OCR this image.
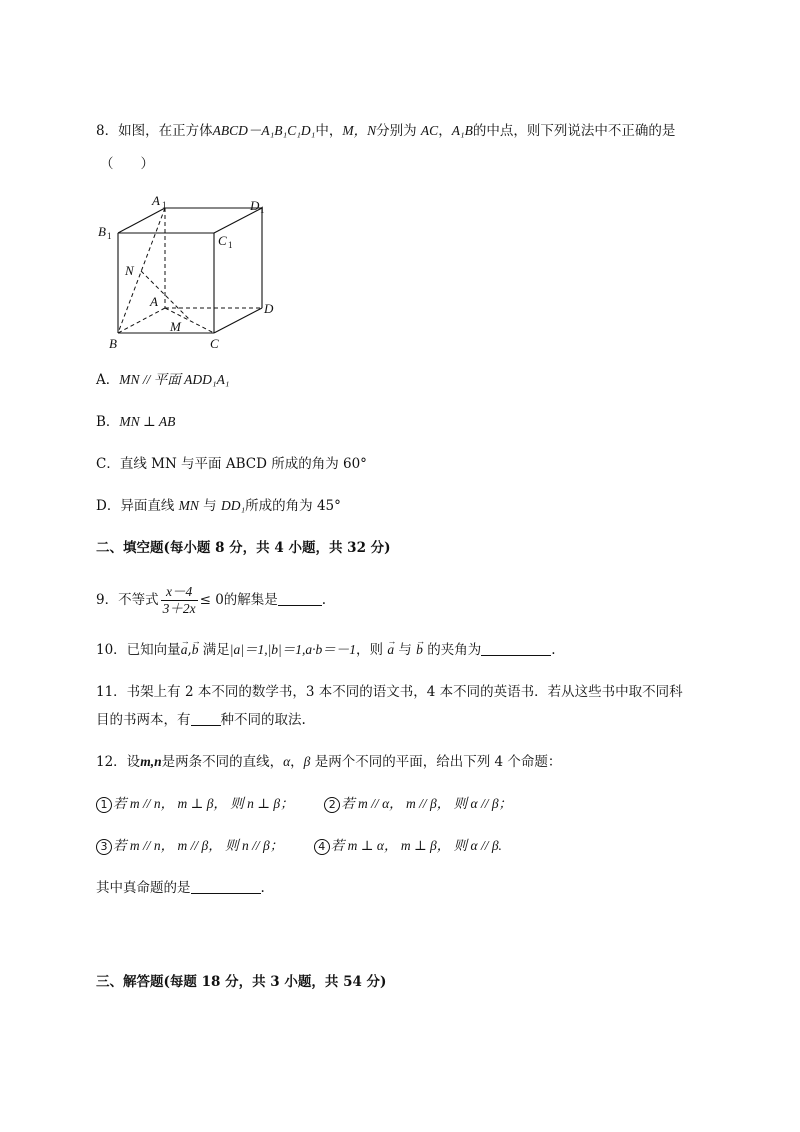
8．如图，在正方体ABCD－A₁B₁C₁D₁中，M，N分别为 AC，A₁B的中点，则下列说法中不正确的是
（　　）
A 1	D 1
B 1	C 1
N
A
M
B	C
D
A．MN // 平面 ADD₁A₁
B．MN ⊥ AB
C．直线 MN 与平面 ABCD 所成的角为 60°
D．异面直线 MN 与 DD₁所成的角为 45°
二、填空题(每小题 8 分，共 4 小题，共 32 分)
9．不等式 $\frac{x-4}{3+2x} \le 0$的解集是	.
10．已知向量→ a,→ b 满足|a|＝1,|b|＝1,a·b＝－1，则 → a 与 → b 的夹角为	.
11．书架上有 2 本不同的数学书，3 本不同的语文书，4 本不同的英语书．若从这些书中取不同科
目的书两本，有 种不同的取法.
12．设m,n是两条不同的直线，α，β 是两个不同的平面，给出下列 4 个命题：
1 若 m // n， m ⊥ β， 则 n ⊥ β；	2 若 m // α， m // β， 则 α // β；
3 若 m // n， m // β， 则 n // β；	4 若 m ⊥ α， m ⊥ β， 则 α // β.
其中真命题的是	.
三、解答题(每题 18 分，共 3 小题，共 54 分)
